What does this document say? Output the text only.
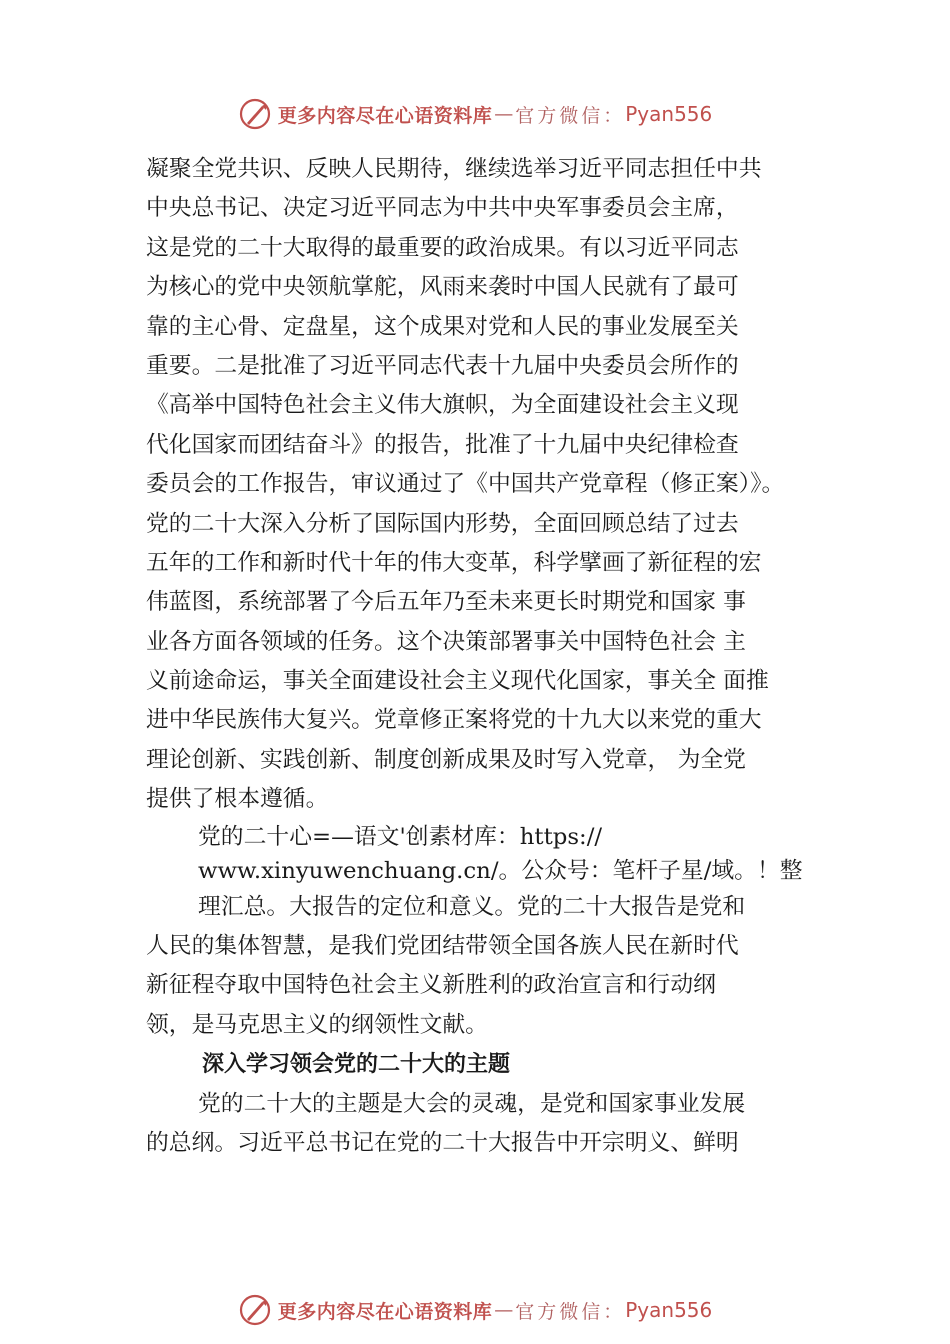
更多内容尽在心语资料库 — 官方微信： Pyan556
凝聚全党共识、反映人民期待，继续选举习近平同志担任中共
中央总书记、决定习近平同志为中共中央军事委员会主席，
这是党的二十大取得的最重要的政治成果。有以习近平同志
为核心的党中央领航掌舵，风雨来袭时中国人民就有了最可
靠的主心骨、定盘星，这个成果对党和人民的事业发展至关
重要。二是批准了习近平同志代表十九届中央委员会所作的
《高举中国特色社会主义伟大旗帜，为全面建设社会主义现
代化国家而团结奋斗》的报告，批准了十九届中央纪律检查
委员会的工作报告，审议通过了《中国共产党章程（修正案）》。
党的二十大深入分析了国际国内形势，全面回顾总结了过去
五年的工作和新时代十年的伟大变革，科学擘画了新征程的宏
伟蓝图，系统部署了今后五年乃至未来更长时期党和国家 事
业各方面各领域的任务。这个决策部署事关中国特色社会 主
义前途命运，事关全面建设社会主义现代化国家，事关全 面推
进中华民族伟大复兴。党章修正案将党的十九大以来党的重大
理论创新、实践创新、制度创新成果及时写入党章， 为全党
提供了根本遵循。
党的二十心=—语文'创素材库：https://
www.xinyuwenchuang.cn/。公众号：笔杆子星/域。！整
理汇总。大报告的定位和意义。党的二十大报告是党和
人民的集体智慧，是我们党团结带领全国各族人民在新时代
新征程夺取中国特色社会主义新胜利的政治宣言和行动纲
领，是马克思主义的纲领性文献。
深入学习领会党的二十大的主题
党的二十大的主题是大会的灵魂，是党和国家事业发展
的总纲。习近平总书记在党的二十大报告中开宗明义、鲜明
更多内容尽在心语资料库 — 官方微信： Pyan556
